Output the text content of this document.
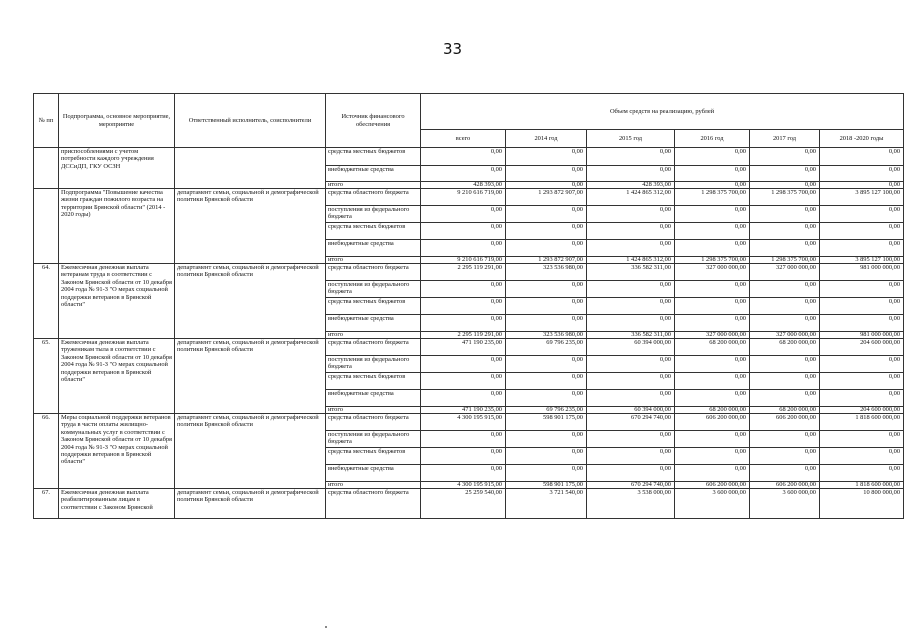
33
№ пп	Подпрограмма, основное мероприятие, мероприятие	Ответственный исполнитель, соисполнители	Источник финансового обеспечения	Объем средств на реализацию, рублей					
				всего	2014 год	2015 год	2016 год	2017 год	2018 -2020 годы
	приспособлениями с учетом потребности каждого учреждения ДССиДП, ГКУ ОСЗН		средства местных бюджетов	0,00	0,00	0,00	0,00	0,00	0,00
			внебюджетные средства	0,00	0,00	0,00	0,00	0,00	0,00
			итого	428 393,00	0,00	428 393,00	0,00	0,00	0,00
	Подпрограмма "Повышение качества жизни граждан пожилого возраста на территории Брянской области" (2014 - 2020 годы)	департамент семьи, социальной и демографической политики Брянской области	средства областного бюджета	9 210 616 719,00	1 293 872 907,00	1 424 865 312,00	1 298 375 700,00	1 298 375 700,00	3 895 127 100,00
			поступления из федерального бюджета	0,00	0,00	0,00	0,00	0,00	0,00
			средства местных бюджетов	0,00	0,00	0,00	0,00	0,00	0,00
			внебюджетные средства	0,00	0,00	0,00	0,00	0,00	0,00
			итого	9 210 616 719,00	1 293 872 907,00	1 424 865 312,00	1 298 375 700,00	1 298 375 700,00	3 895 127 100,00
64.	Ежемесячная денежная выплата ветеранам труда в соответствии с Законом Брянской области от 10 декабря 2004 года № 91-З "О мерах социальной поддержки ветеранов в Брянской области"	департамент семьи, социальной и демографической политики Брянской области	средства областного бюджета	2 295 119 291,00	323 536 980,00	336 582 311,00	327 000 000,00	327 000 000,00	981 000 000,00
			поступления из федерального бюджета	0,00	0,00	0,00	0,00	0,00	0,00
			средства местных бюджетов	0,00	0,00	0,00	0,00	0,00	0,00
			внебюджетные средства	0,00	0,00	0,00	0,00	0,00	0,00
			итого	2 295 119 291,00	323 536 980,00	336 582 311,00	327 000 000,00	327 000 000,00	981 000 000,00
65.	Ежемесячная денежная выплата труженикам тыла в соответствии с Законом Брянской области от 10 декабря 2004 года № 91-З "О мерах социальной поддержки ветеранов в Брянской области"	департамент семьи, социальной и демографической политики Брянской области	средства областного бюджета	471 190 235,00	69 796 235,00	60 394 000,00	68 200 000,00	68 200 000,00	204 600 000,00
			поступления из федерального бюджета	0,00	0,00	0,00	0,00	0,00	0,00
			средства местных бюджетов	0,00	0,00	0,00	0,00	0,00	0,00
			внебюджетные средства	0,00	0,00	0,00	0,00	0,00	0,00
			итого	471 190 235,00	69 796 235,00	60 394 000,00	68 200 000,00	68 200 000,00	204 600 000,00
66.	Меры социальной поддержки ветеранов труда в части оплаты жилищно-коммунальных услуг в соответствии с Законом Брянской области от 10 декабря 2004 года № 91-З "О мерах социальной поддержки ветеранов в Брянской области"	департамент семьи, социальной и демографической политики Брянской области	средства областного бюджета	4 300 195 915,00	598 901 175,00	670 294 740,00	606 200 000,00	606 200 000,00	1 818 600 000,00
			поступления из федерального бюджета	0,00	0,00	0,00	0,00	0,00	0,00
			средства местных бюджетов	0,00	0,00	0,00	0,00	0,00	0,00
			внебюджетные средства	0,00	0,00	0,00	0,00	0,00	0,00
			итого	4 300 195 915,00	598 901 175,00	670 294 740,00	606 200 000,00	606 200 000,00	1 818 600 000,00
67.	Ежемесячная денежная выплата реабилитированным лицам в соответствии с Законом Брянской	департамент семьи, социальной и демографической политики Брянской области	средства областного бюджета	25 259 540,00	3 721 540,00	3 538 000,00	3 600 000,00	3 600 000,00	10 800 000,00
